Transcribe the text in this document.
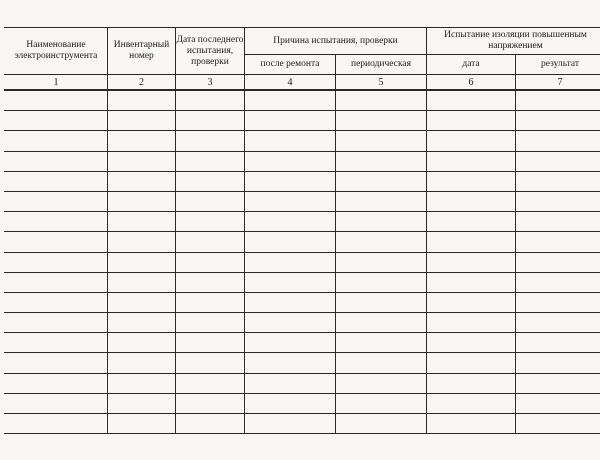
Наименование электроинструмента	Инвентарный номер	Дата последнего испытания, проверки	Причина испытания, проверки		Испытание изоляции повышенным напряжением	
			после ремонта	периодическая	дата	результат
1	2	3	4	5	6	7
